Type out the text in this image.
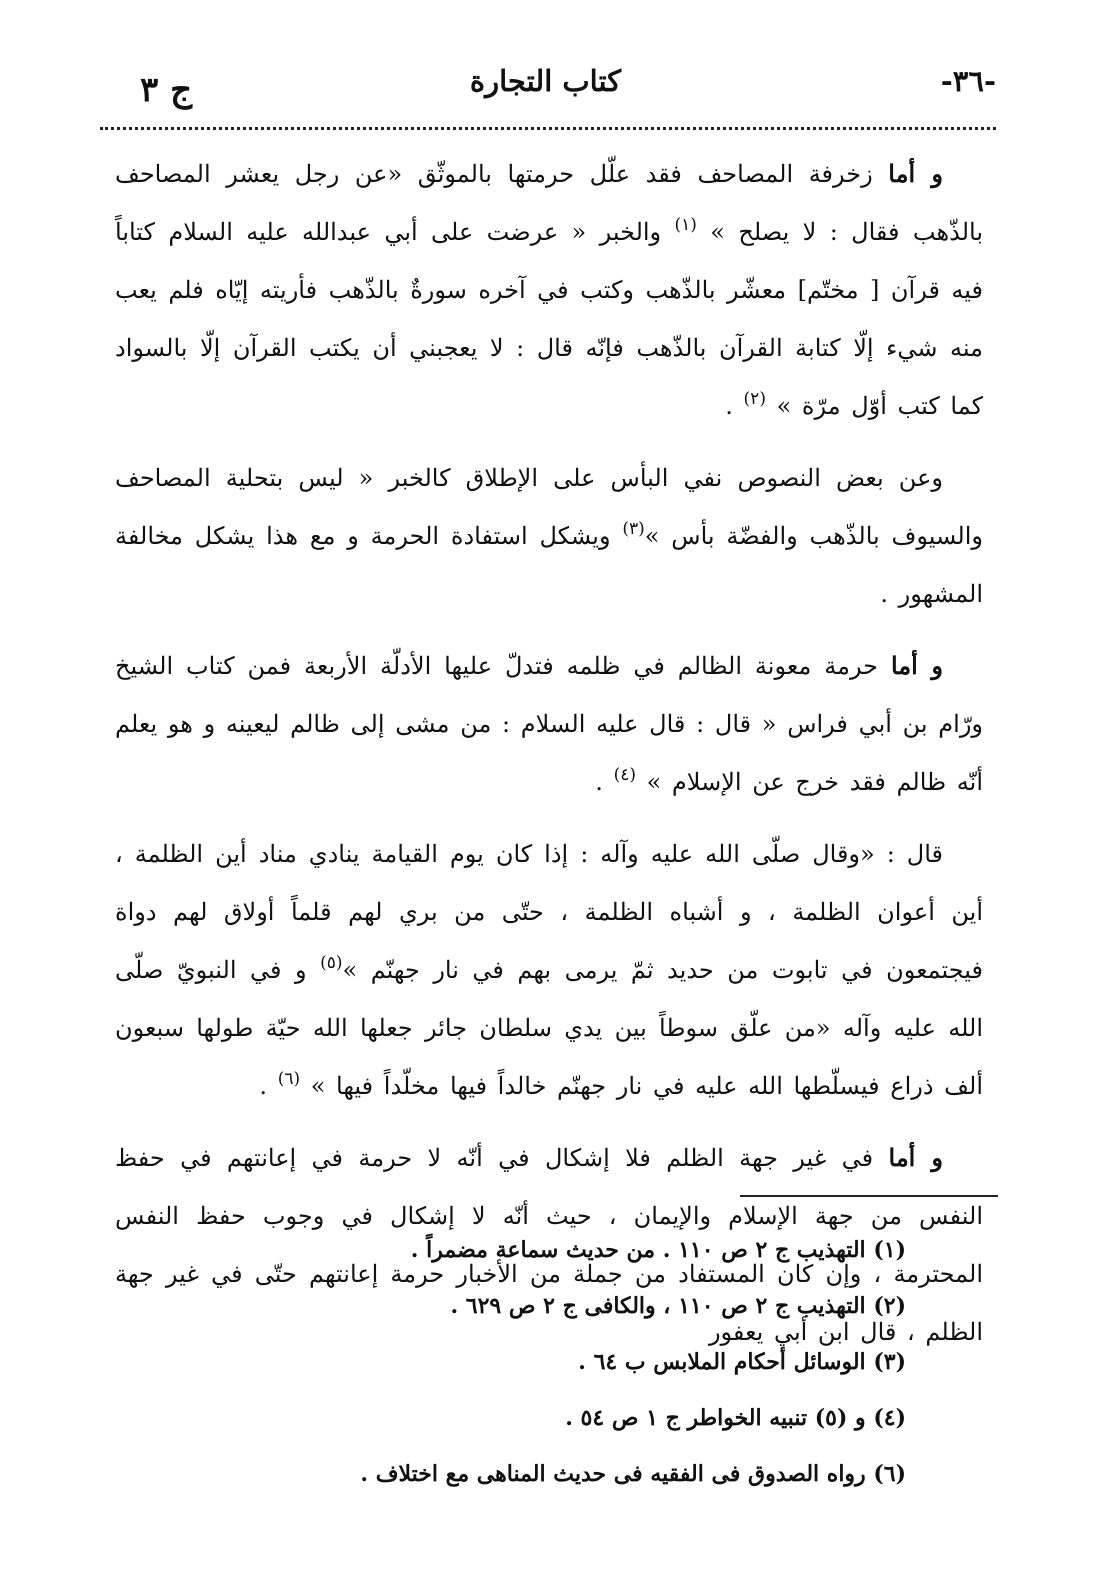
ج ٣	كتاب التجارة	-٣٦-

و أما زخرفة المصاحف فقد علّل حرمتها بالموثّق «عن رجل يعشر المصاحف بالذّهب فقال : لا يصلح » $^{(١)}$ والخبر « عرضت على أبي عبدالله عليه السلام كتاباً فيه قرآن [ مختّم] معشّر بالذّهب وكتب في آخره سورةٌ بالذّهب فأريته إيّاه فلم يعب منه شيء إلّا كتابة القرآن بالذّهب فإنّه قال : لا يعجبني أن يكتب القرآن إلّا بالسواد كما كتب أوّل مرّة » $^{(٢)}$ .

وعن بعض النصوص نفي البأس على الإطلاق كالخبر « ليس بتحلية المصاحف والسيوف بالذّهب والفضّة بأس »$^{(٣)}$ ويشكل استفادة الحرمة و مع هذا يشكل مخالفة المشهور .

و أما حرمة معونة الظالم في ظلمه فتدلّ عليها الأدلّة الأربعة فمن كتاب الشيخ ورّام بن أبي فراس « قال : قال عليه السلام : من مشى إلى ظالم ليعينه و هو يعلم أنّه ظالم فقد خرج عن الإسلام » $^{(٤)}$ .

قال : «وقال صلّى الله عليه وآله : إذا كان يوم القيامة ينادي مناد أين الظلمة ، أين أعوان الظلمة ، و أشباه الظلمة ، حتّى من بري لهم قلماً أولاق لهم دواة فيجتمعون في تابوت من حديد ثمّ يرمى بهم في نار جهنّم »$^{(٥)}$ و في النبويّ صلّى الله عليه وآله «من علّق سوطاً بين يدي سلطان جائر جعلها الله حيّة طولها سبعون ألف ذراع فيسلّطها الله عليه في نار جهنّم خالداً فيها مخلّداً فيها » $^{(٦)}$ .

و أما في غير جهة الظلم فلا إشكال في أنّه لا حرمة في إعانتهم في حفظ النفس من جهة الإسلام والإيمان ، حيث أنّه لا إشكال في وجوب حفظ النفس المحترمة ، وإن كان المستفاد من جملة من الأخبار حرمة إعانتهم حتّى في غير جهة الظلم ، قال ابن أبي يعفور

(١) التهذيب ج ٢ ص ١١٠ . من حديث سماعة مضمراً .
(٢) التهذيب ج ٢ ص ١١٠ ، والكافى ج ٢ ص ٦٢٩ .
(٣) الوسائل أحكام الملابس ب ٦٤ .
(٤) و (٥) تنبيه الخواطر ج ١ ص ٥٤ .
(٦) رواه الصدوق فى الفقيه فى حديث المناهى مع اختلاف .
